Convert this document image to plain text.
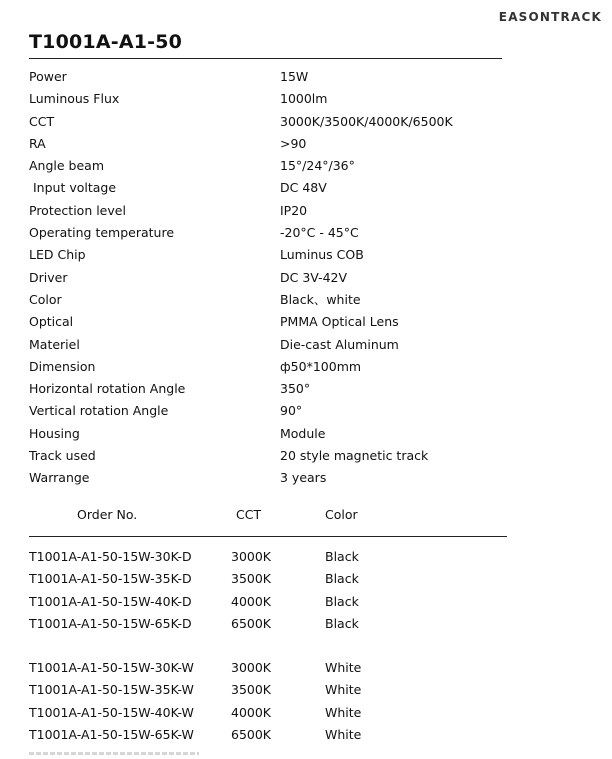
EASONTRACK
T1001A-A1-50
Power	15W
Luminous Flux	1000lm
CCT	3000K/3500K/4000K/6500K
RA	>90
Angle beam	15°/24°/36°
Input voltage	DC 48V
Protection level	IP20
Operating temperature	-20°C - 45°C
LED Chip	Luminus COB
Driver	DC 3V-42V
Color	Black、white
Optical	PMMA Optical Lens
Materiel	Die-cast Aluminum
Dimension	ф50*100mm
Horizontal rotation Angle	350°
Vertical rotation Angle	90°
Housing	Module
Track used	20 style magnetic track
Warrange	3 years
Order No.	CCT	Color
T1001A-A1-50-15W-30K-D	3000K	Black
T1001A-A1-50-15W-35K-D	3500K	Black
T1001A-A1-50-15W-40K-D	4000K	Black
T1001A-A1-50-15W-65K-D	6500K	Black
T1001A-A1-50-15W-30K-W	3000K	White
T1001A-A1-50-15W-35K-W	3500K	White
T1001A-A1-50-15W-40K-W	4000K	White
T1001A-A1-50-15W-65K-W	6500K	White
